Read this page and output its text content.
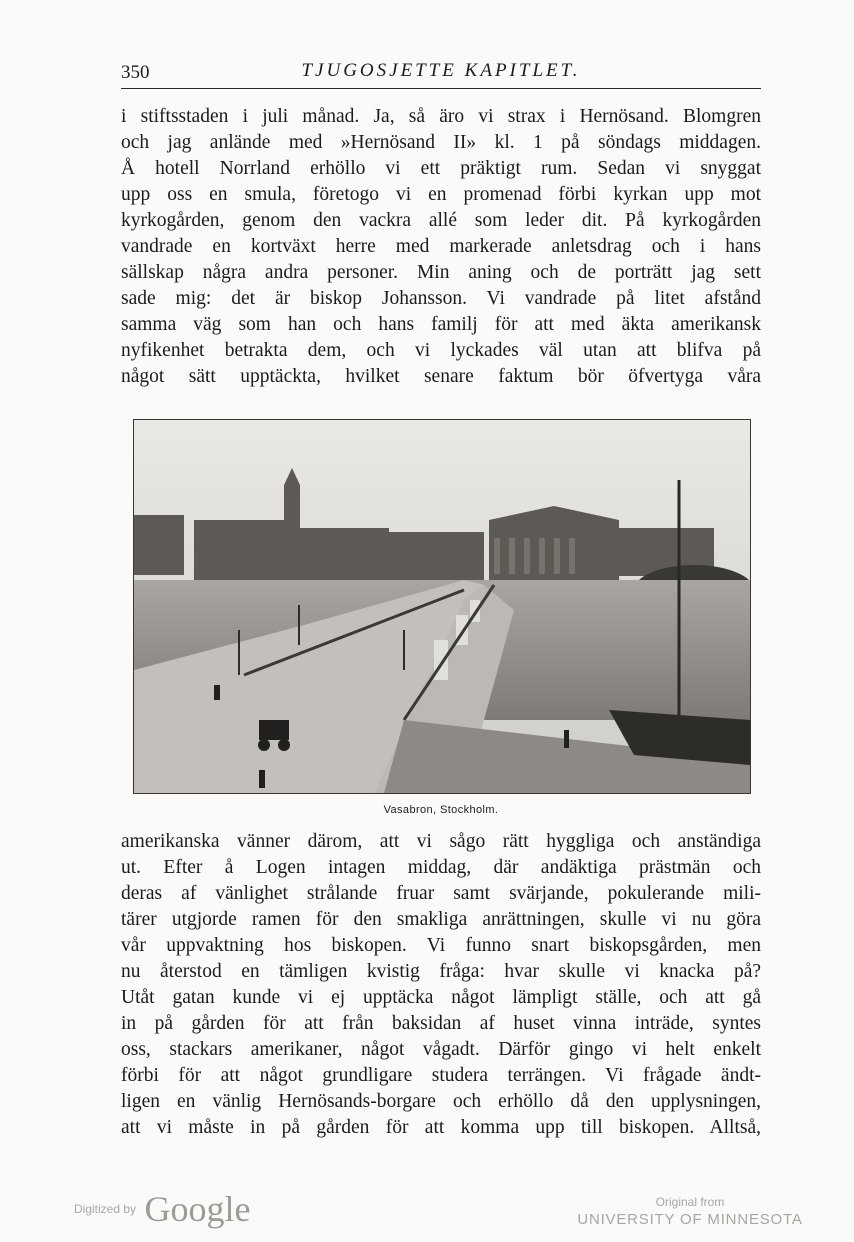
350	TJUGOSJETTE KAPITLET.
i stiftsstaden i juli månad. Ja, så äro vi strax i Hernösand. Blomgren
och jag anlände med »Hernösand II» kl. 1 på söndags middagen.
Å hotell Norrland erhöllo vi ett präktigt rum. Sedan vi snyggat
upp oss en smula, företogo vi en promenad förbi kyrkan upp mot
kyrkogården, genom den vackra allé som leder dit. På kyrkogården
vandrade en kortväxt herre med markerade anletsdrag och i hans
sällskap några andra personer. Min aning och de porträtt jag sett
sade mig: det är biskop Johansson. Vi vandrade på litet afstånd
samma väg som han och hans familj för att med äkta amerikansk
nyfikenhet betrakta dem, och vi lyckades väl utan att blifva på
något sätt upptäckta, hvilket senare faktum bör öfvertyga våra
Vasabron, Stockholm.
amerikanska vänner därom, att vi sågo rätt hyggliga och anständiga
ut. Efter å Logen intagen middag, där andäktiga prästmän och
deras af vänlighet strålande fruar samt svärjande, pokulerande mili-
tärer utgjorde ramen för den smakliga anrättningen, skulle vi nu göra
vår uppvaktning hos biskopen. Vi funno snart biskopsgården, men
nu återstod en tämligen kvistig fråga: hvar skulle vi knacka på?
Utåt gatan kunde vi ej upptäcka något lämpligt ställe, och att gå
in på gården för att från baksidan af huset vinna inträde, syntes
oss, stackars amerikaner, något vågadt. Därför gingo vi helt enkelt
förbi för att något grundligare studera terrängen. Vi frågade ändt-
ligen en vänlig Hernösands-borgare och erhöllo då den upplysningen,
att vi måste in på gården för att komma upp till biskopen. Alltså,
$^{Digitized by}$ Google	Original from
UNIVERSITY OF MINNESOTA
